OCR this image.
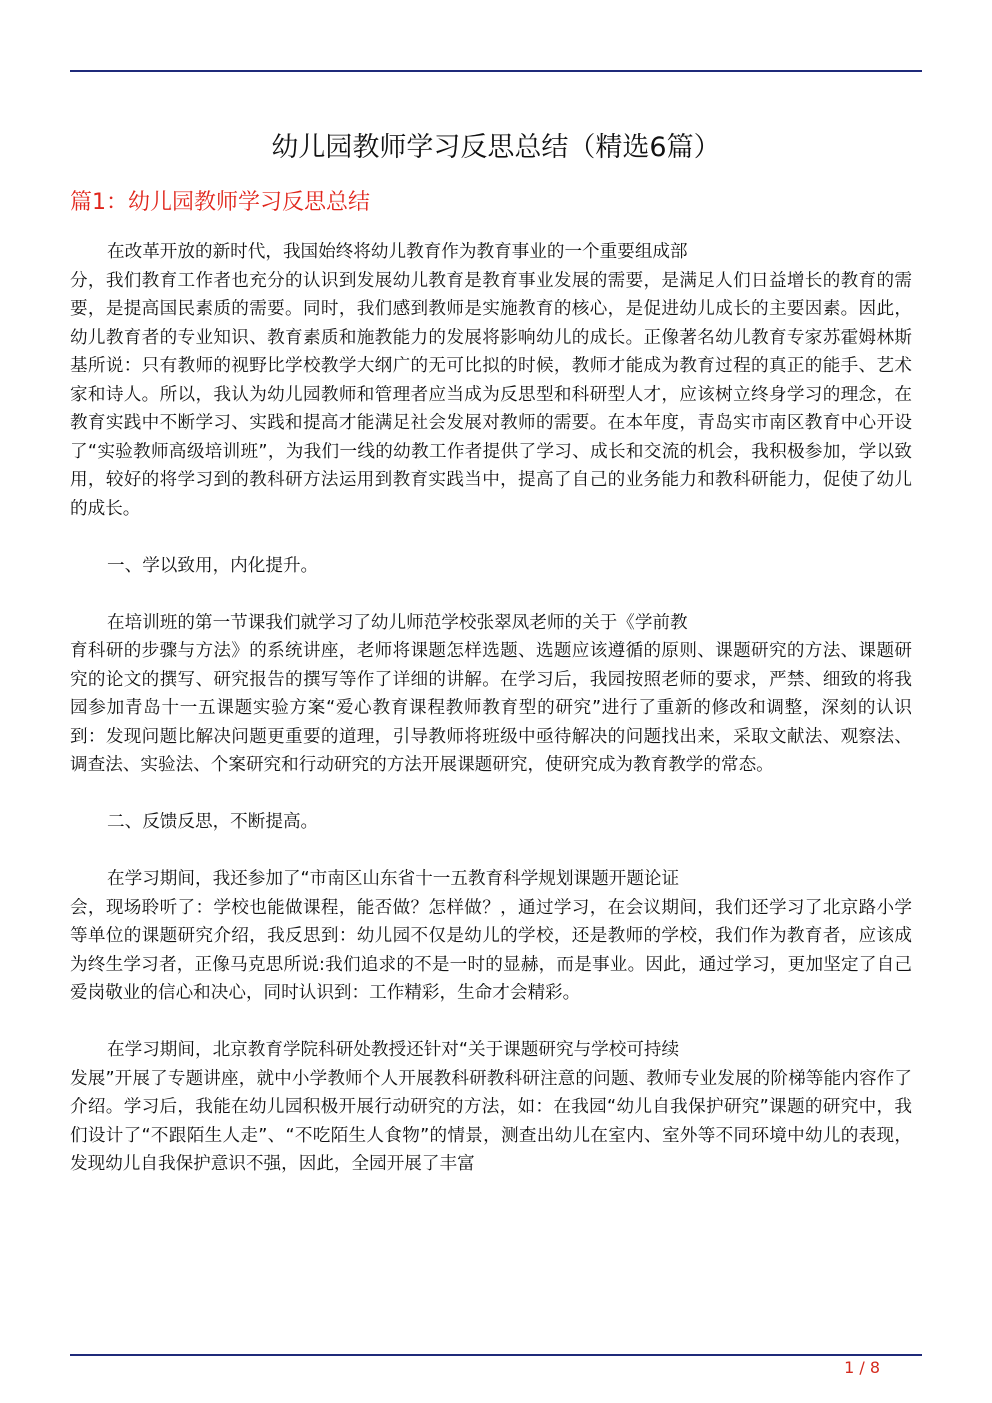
幼儿园教师学习反思总结（精选6篇）
篇1：幼儿园教师学习反思总结

在改革开放的新时代，我国始终将幼儿教育作为教育事业的一个重要组成部
分，我们教育工作者也充分的认识到发展幼儿教育是教育事业发展的需要，是满足人们日益增长的教育的需要，是提高国民素质的需要。同时，我们感到教师是实施教育的核心，是促进幼儿成长的主要因素。因此，幼儿教育者的专业知识、教育素质和施教能力的发展将影响幼儿的成长。正像著名幼儿教育专家苏霍姆林斯基所说：只有教师的视野比学校教学大纲广的无可比拟的时候，教师才能成为教育过程的真正的能手、艺术家和诗人。所以，我认为幼儿园教师和管理者应当成为反思型和科研型人才，应该树立终身学习的理念，在教育实践中不断学习、实践和提高才能满足社会发展对教师的需要。在本年度，青岛实市南区教育中心开设了“实验教师高级培训班”，为我们一线的幼教工作者提供了学习、成长和交流的机会，我积极参加，学以致用，较好的将学习到的教科研方法运用到教育实践当中，提高了自己的业务能力和教科研能力，促使了幼儿的成长。

一、学以致用，内化提升。

在培训班的第一节课我们就学习了幼儿师范学校张翠凤老师的关于《学前教
育科研的步骤与方法》的系统讲座，老师将课题怎样选题、选题应该遵循的原则、课题研究的方法、课题研究的论文的撰写、研究报告的撰写等作了详细的讲解。在学习后，我园按照老师的要求，严禁、细致的将我园参加青岛十一五课题实验方案“爱心教育课程教师教育型的研究”进行了重新的修改和调整，深刻的认识到：发现问题比解决问题更重要的道理，引导教师将班级中亟待解决的问题找出来，采取文献法、观察法、调查法、实验法、个案研究和行动研究的方法开展课题研究，使研究成为教育教学的常态。

二、反馈反思，不断提高。

在学习期间，我还参加了“市南区山东省十一五教育科学规划课题开题论证
会，现场聆听了：学校也能做课程，能否做？怎样做？，通过学习，在会议期间，我们还学习了北京路小学等单位的课题研究介绍，我反思到：幼儿园不仅是幼儿的学校，还是教师的学校，我们作为教育者，应该成为终生学习者，正像马克思所说:我们追求的不是一时的显赫，而是事业。因此，通过学习，更加坚定了自己爱岗敬业的信心和决心，同时认识到：工作精彩，生命才会精彩。

在学习期间，北京教育学院科研处教授还针对“关于课题研究与学校可持续
发展”开展了专题讲座，就中小学教师个人开展教科研教科研注意的问题、教师专业发展的阶梯等能内容作了介绍。学习后，我能在幼儿园积极开展行动研究的方法，如：在我园“幼儿自我保护研究”课题的研究中，我们设计了“不跟陌生人走”、“不吃陌生人食物”的情景，测查出幼儿在室内、室外等不同环境中幼儿的表现，发现幼儿自我保护意识不强，因此，全园开展了丰富

1 / 8
